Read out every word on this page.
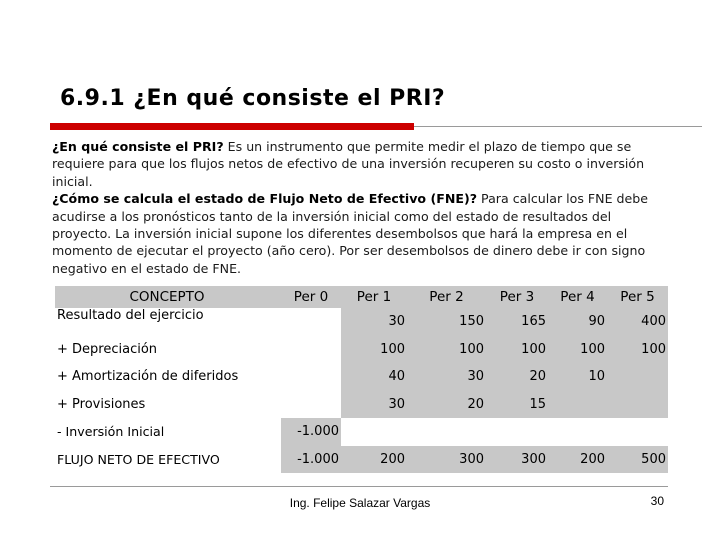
6.9.1 ¿En qué consiste el PRI?

¿En qué consiste el PRI? Es un instrumento que permite medir el plazo de tiempo que se requiere para que los flujos netos de efectivo de una inversión recuperen su costo o inversión inicial.

¿Cómo se calcula el estado de Flujo Neto de Efectivo (FNE)? Para calcular los FNE debe acudirse a los pronósticos tanto de la inversión inicial como del estado de resultados del proyecto. La inversión inicial supone los diferentes desembolsos que hará la empresa en el momento de ejecutar el proyecto (año cero). Por ser desembolsos de dinero debe ir con signo negativo en el estado de FNE.

CONCEPTO	Per 0	Per 1	Per 2	Per 3	Per 4	Per 5
Resultado del ejercicio		30	150	165	90	400
+ Depreciación		100	100	100	100	100
+ Amortización de diferidos		40	30	20	10	
+ Provisiones		30	20	15		
- Inversión Inicial	-1.000					
FLUJO NETO DE EFECTIVO	-1.000	200	300	300	200	500
Ing. Felipe Salazar Vargas	30
